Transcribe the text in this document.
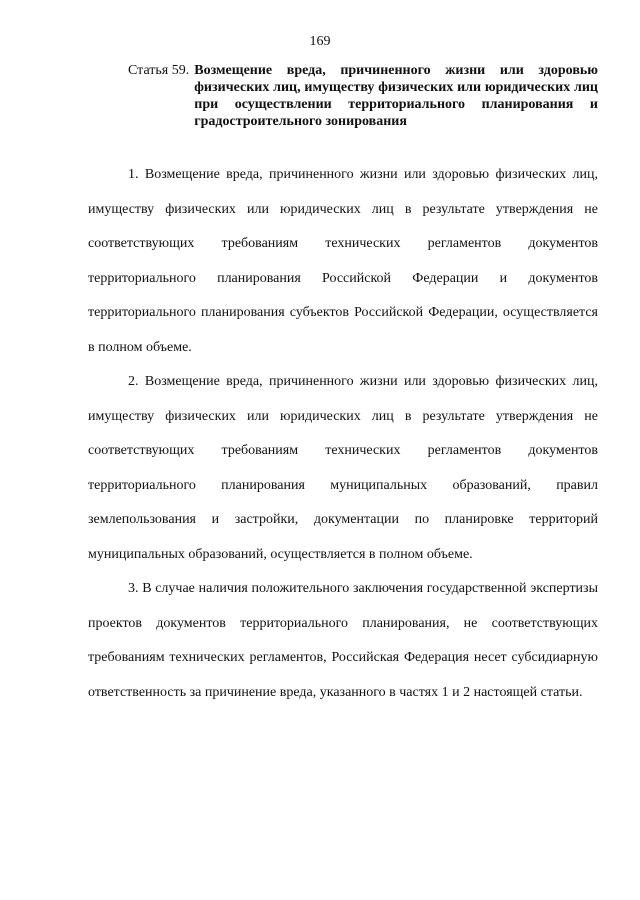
169
Статья 59. Возмещение вреда, причиненного жизни или здоровью физических лиц, имуществу физических или юридических лиц при осуществлении территориального планирования и градостроительного зонирования

1. Возмещение вреда, причиненного жизни или здоровью физических лиц, имуществу физических или юридических лиц в результате утверждения не соответствующих требованиям технических регламентов документов территориального планирования Российской Федерации и документов территориального планирования субъектов Российской Федерации, осуществляется в полном объеме.

2. Возмещение вреда, причиненного жизни или здоровью физических лиц, имуществу физических или юридических лиц в результате утверждения не соответствующих требованиям технических регламентов документов территориального планирования муниципальных образований, правил землепользования и застройки, документации по планировке территорий муниципальных образований, осуществляется в полном объеме.

3. В случае наличия положительного заключения государственной экспертизы проектов документов территориального планирования, не соответствующих требованиям технических регламентов, Российская Федерация несет субсидиарную ответственность за причинение вреда, указанного в частях 1 и 2 настоящей статьи.
